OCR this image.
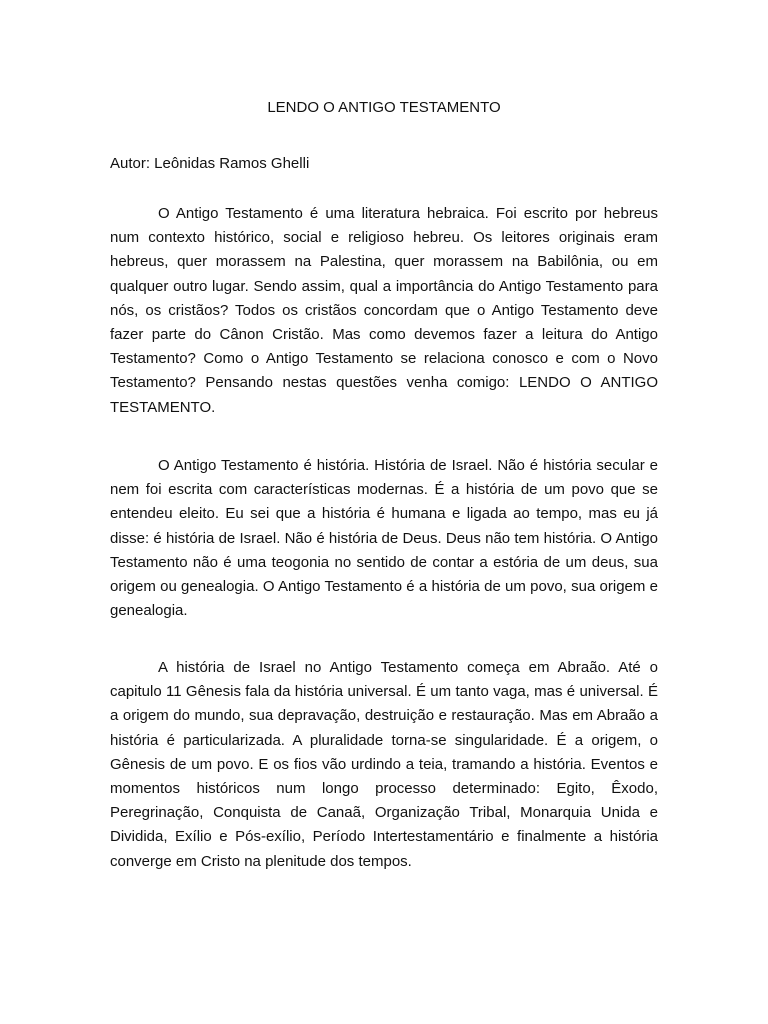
LENDO O ANTIGO TESTAMENTO

Autor: Leônidas Ramos Ghelli

O Antigo Testamento é uma literatura hebraica. Foi escrito por hebreus num contexto histórico, social e religioso hebreu. Os leitores originais eram hebreus, quer morassem na Palestina, quer morassem na Babilônia, ou em qualquer outro lugar. Sendo assim, qual a importância do Antigo Testamento para nós, os cristãos? Todos os cristãos concordam que o Antigo Testamento deve fazer parte do Cânon Cristão. Mas como devemos fazer a leitura do Antigo Testamento? Como o Antigo Testamento se relaciona conosco e com o Novo Testamento? Pensando nestas questões venha comigo: LENDO O ANTIGO TESTAMENTO.

O Antigo Testamento é história. História de Israel. Não é história secular e nem foi escrita com características modernas. É a história de um povo que se entendeu eleito. Eu sei que a história é humana e ligada ao tempo, mas eu já disse: é história de Israel. Não é história de Deus. Deus não tem história. O Antigo Testamento não é uma teogonia no sentido de contar a estória de um deus, sua origem ou genealogia. O Antigo Testamento é a história de um povo, sua origem e genealogia.

A história de Israel no Antigo Testamento começa em Abraão. Até o capitulo 11 Gênesis fala da história universal. É um tanto vaga, mas é universal. É a origem do mundo, sua depravação, destruição e restauração. Mas em Abraão a história é particularizada. A pluralidade torna-se singularidade. É a origem, o Gênesis de um povo. E os fios vão urdindo a teia, tramando a história. Eventos e momentos históricos num longo processo determinado: Egito, Êxodo, Peregrinação, Conquista de Canaã, Organização Tribal, Monarquia Unida e Dividida, Exílio e Pós-exílio, Período Intertestamentário e finalmente a história converge em Cristo na plenitude dos tempos.
